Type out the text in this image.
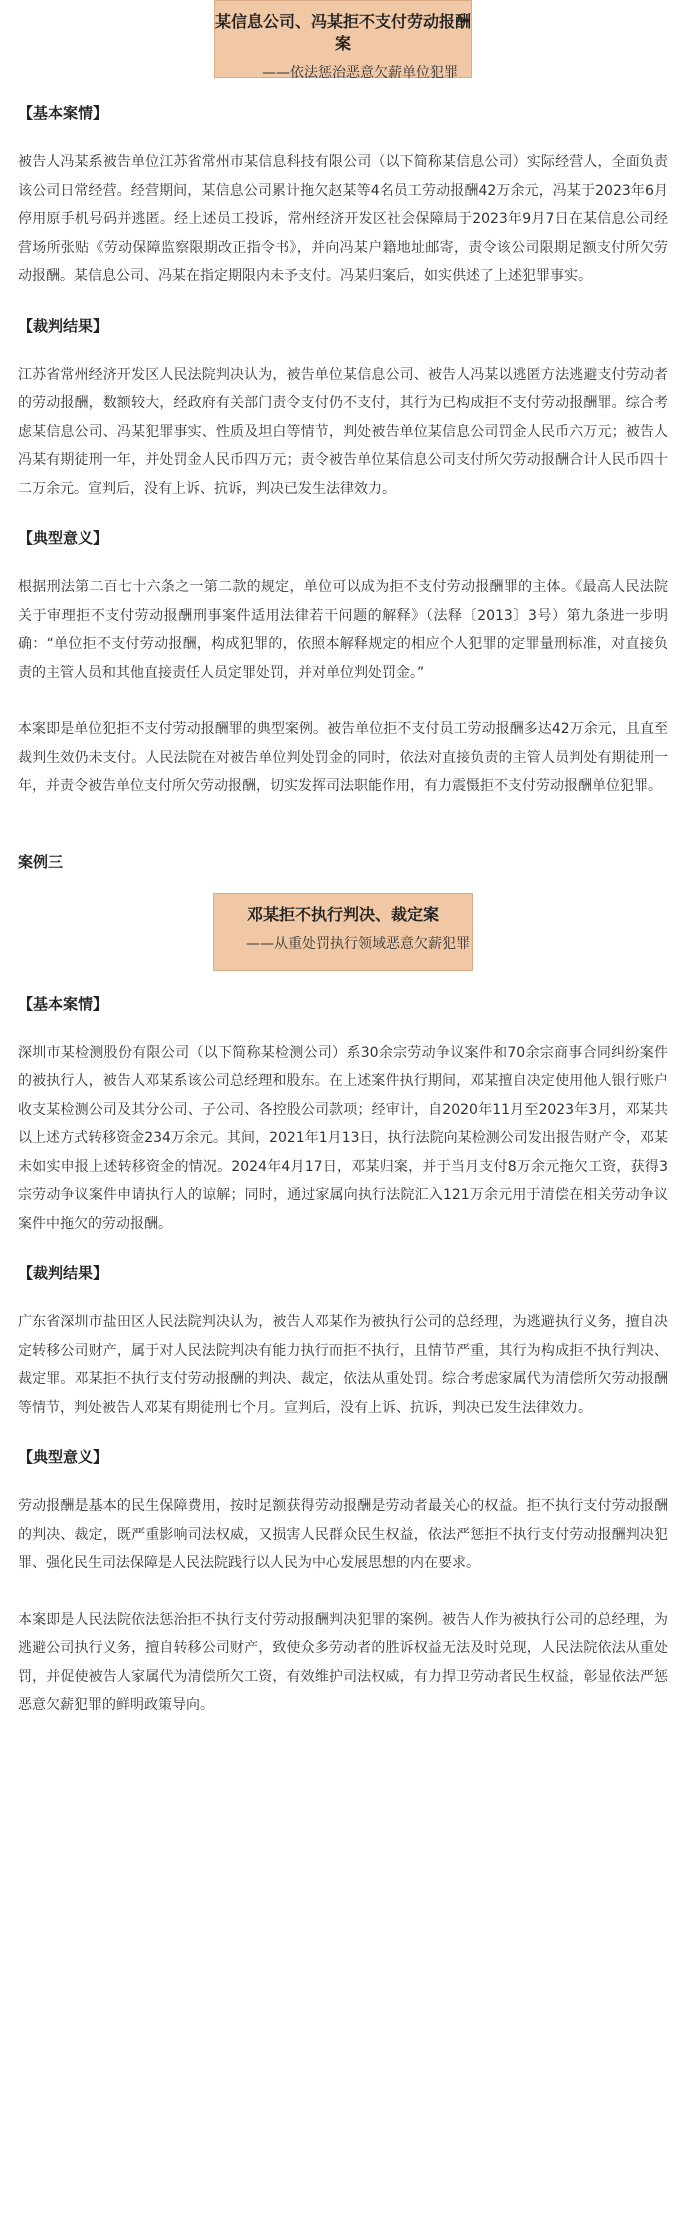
某信息公司、冯某拒不支付劳动报酬案
——依法惩治恶意欠薪单位犯罪
【基本案情】

被告人冯某系被告单位江苏省常州市某信息科技有限公司（以下简称某信息公司）实际经营人，全面负责该公司日常经营。经营期间，某信息公司累计拖欠赵某等4名员工劳动报酬42万余元，冯某于2023年6月停用原手机号码并逃匿。经上述员工投诉，常州经济开发区社会保障局于2023年9月7日在某信息公司经营场所张贴《劳动保障监察限期改正指令书》，并向冯某户籍地址邮寄，责令该公司限期足额支付所欠劳动报酬。某信息公司、冯某在指定期限内未予支付。冯某归案后，如实供述了上述犯罪事实。

【裁判结果】

江苏省常州经济开发区人民法院判决认为，被告单位某信息公司、被告人冯某以逃匿方法逃避支付劳动者的劳动报酬，数额较大，经政府有关部门责令支付仍不支付，其行为已构成拒不支付劳动报酬罪。综合考虑某信息公司、冯某犯罪事实、性质及坦白等情节，判处被告单位某信息公司罚金人民币六万元；被告人冯某有期徒刑一年，并处罚金人民币四万元；责令被告单位某信息公司支付所欠劳动报酬合计人民币四十二万余元。宣判后，没有上诉、抗诉，判决已发生法律效力。

【典型意义】

根据刑法第二百七十六条之一第二款的规定，单位可以成为拒不支付劳动报酬罪的主体。《最高人民法院关于审理拒不支付劳动报酬刑事案件适用法律若干问题的解释》（法释〔2013〕3号）第九条进一步明确：“单位拒不支付劳动报酬，构成犯罪的，依照本解释规定的相应个人犯罪的定罪量刑标准，对直接负责的主管人员和其他直接责任人员定罪处罚，并对单位判处罚金。”

本案即是单位犯拒不支付劳动报酬罪的典型案例。被告单位拒不支付员工劳动报酬多达42万余元，且直至裁判生效仍未支付。人民法院在对被告单位判处罚金的同时，依法对直接负责的主管人员判处有期徒刑一年，并责令被告单位支付所欠劳动报酬，切实发挥司法职能作用，有力震慑拒不支付劳动报酬单位犯罪。

案例三
邓某拒不执行判决、裁定案
——从重处罚执行领域恶意欠薪犯罪
【基本案情】

深圳市某检测股份有限公司（以下简称某检测公司）系30余宗劳动争议案件和70余宗商事合同纠纷案件的被执行人，被告人邓某系该公司总经理和股东。在上述案件执行期间，邓某擅自决定使用他人银行账户收支某检测公司及其分公司、子公司、各控股公司款项；经审计，自2020年11月至2023年3月，邓某共以上述方式转移资金234万余元。其间，2021年1月13日，执行法院向某检测公司发出报告财产令，邓某未如实申报上述转移资金的情况。2024年4月17日，邓某归案，并于当月支付8万余元拖欠工资，获得3宗劳动争议案件申请执行人的谅解；同时，通过家属向执行法院汇入121万余元用于清偿在相关劳动争议案件中拖欠的劳动报酬。

【裁判结果】

广东省深圳市盐田区人民法院判决认为，被告人邓某作为被执行公司的总经理，为逃避执行义务，擅自决定转移公司财产，属于对人民法院判决有能力执行而拒不执行，且情节严重，其行为构成拒不执行判决、裁定罪。邓某拒不执行支付劳动报酬的判决、裁定，依法从重处罚。综合考虑家属代为清偿所欠劳动报酬等情节，判处被告人邓某有期徒刑七个月。宣判后，没有上诉、抗诉，判决已发生法律效力。

【典型意义】

劳动报酬是基本的民生保障费用，按时足额获得劳动报酬是劳动者最关心的权益。拒不执行支付劳动报酬的判决、裁定，既严重影响司法权威，又损害人民群众民生权益，依法严惩拒不执行支付劳动报酬判决犯罪、强化民生司法保障是人民法院践行以人民为中心发展思想的内在要求。

本案即是人民法院依法惩治拒不执行支付劳动报酬判决犯罪的案例。被告人作为被执行公司的总经理，为逃避公司执行义务，擅自转移公司财产，致使众多劳动者的胜诉权益无法及时兑现，人民法院依法从重处罚，并促使被告人家属代为清偿所欠工资，有效维护司法权威，有力捍卫劳动者民生权益，彰显依法严惩恶意欠薪犯罪的鲜明政策导向。
